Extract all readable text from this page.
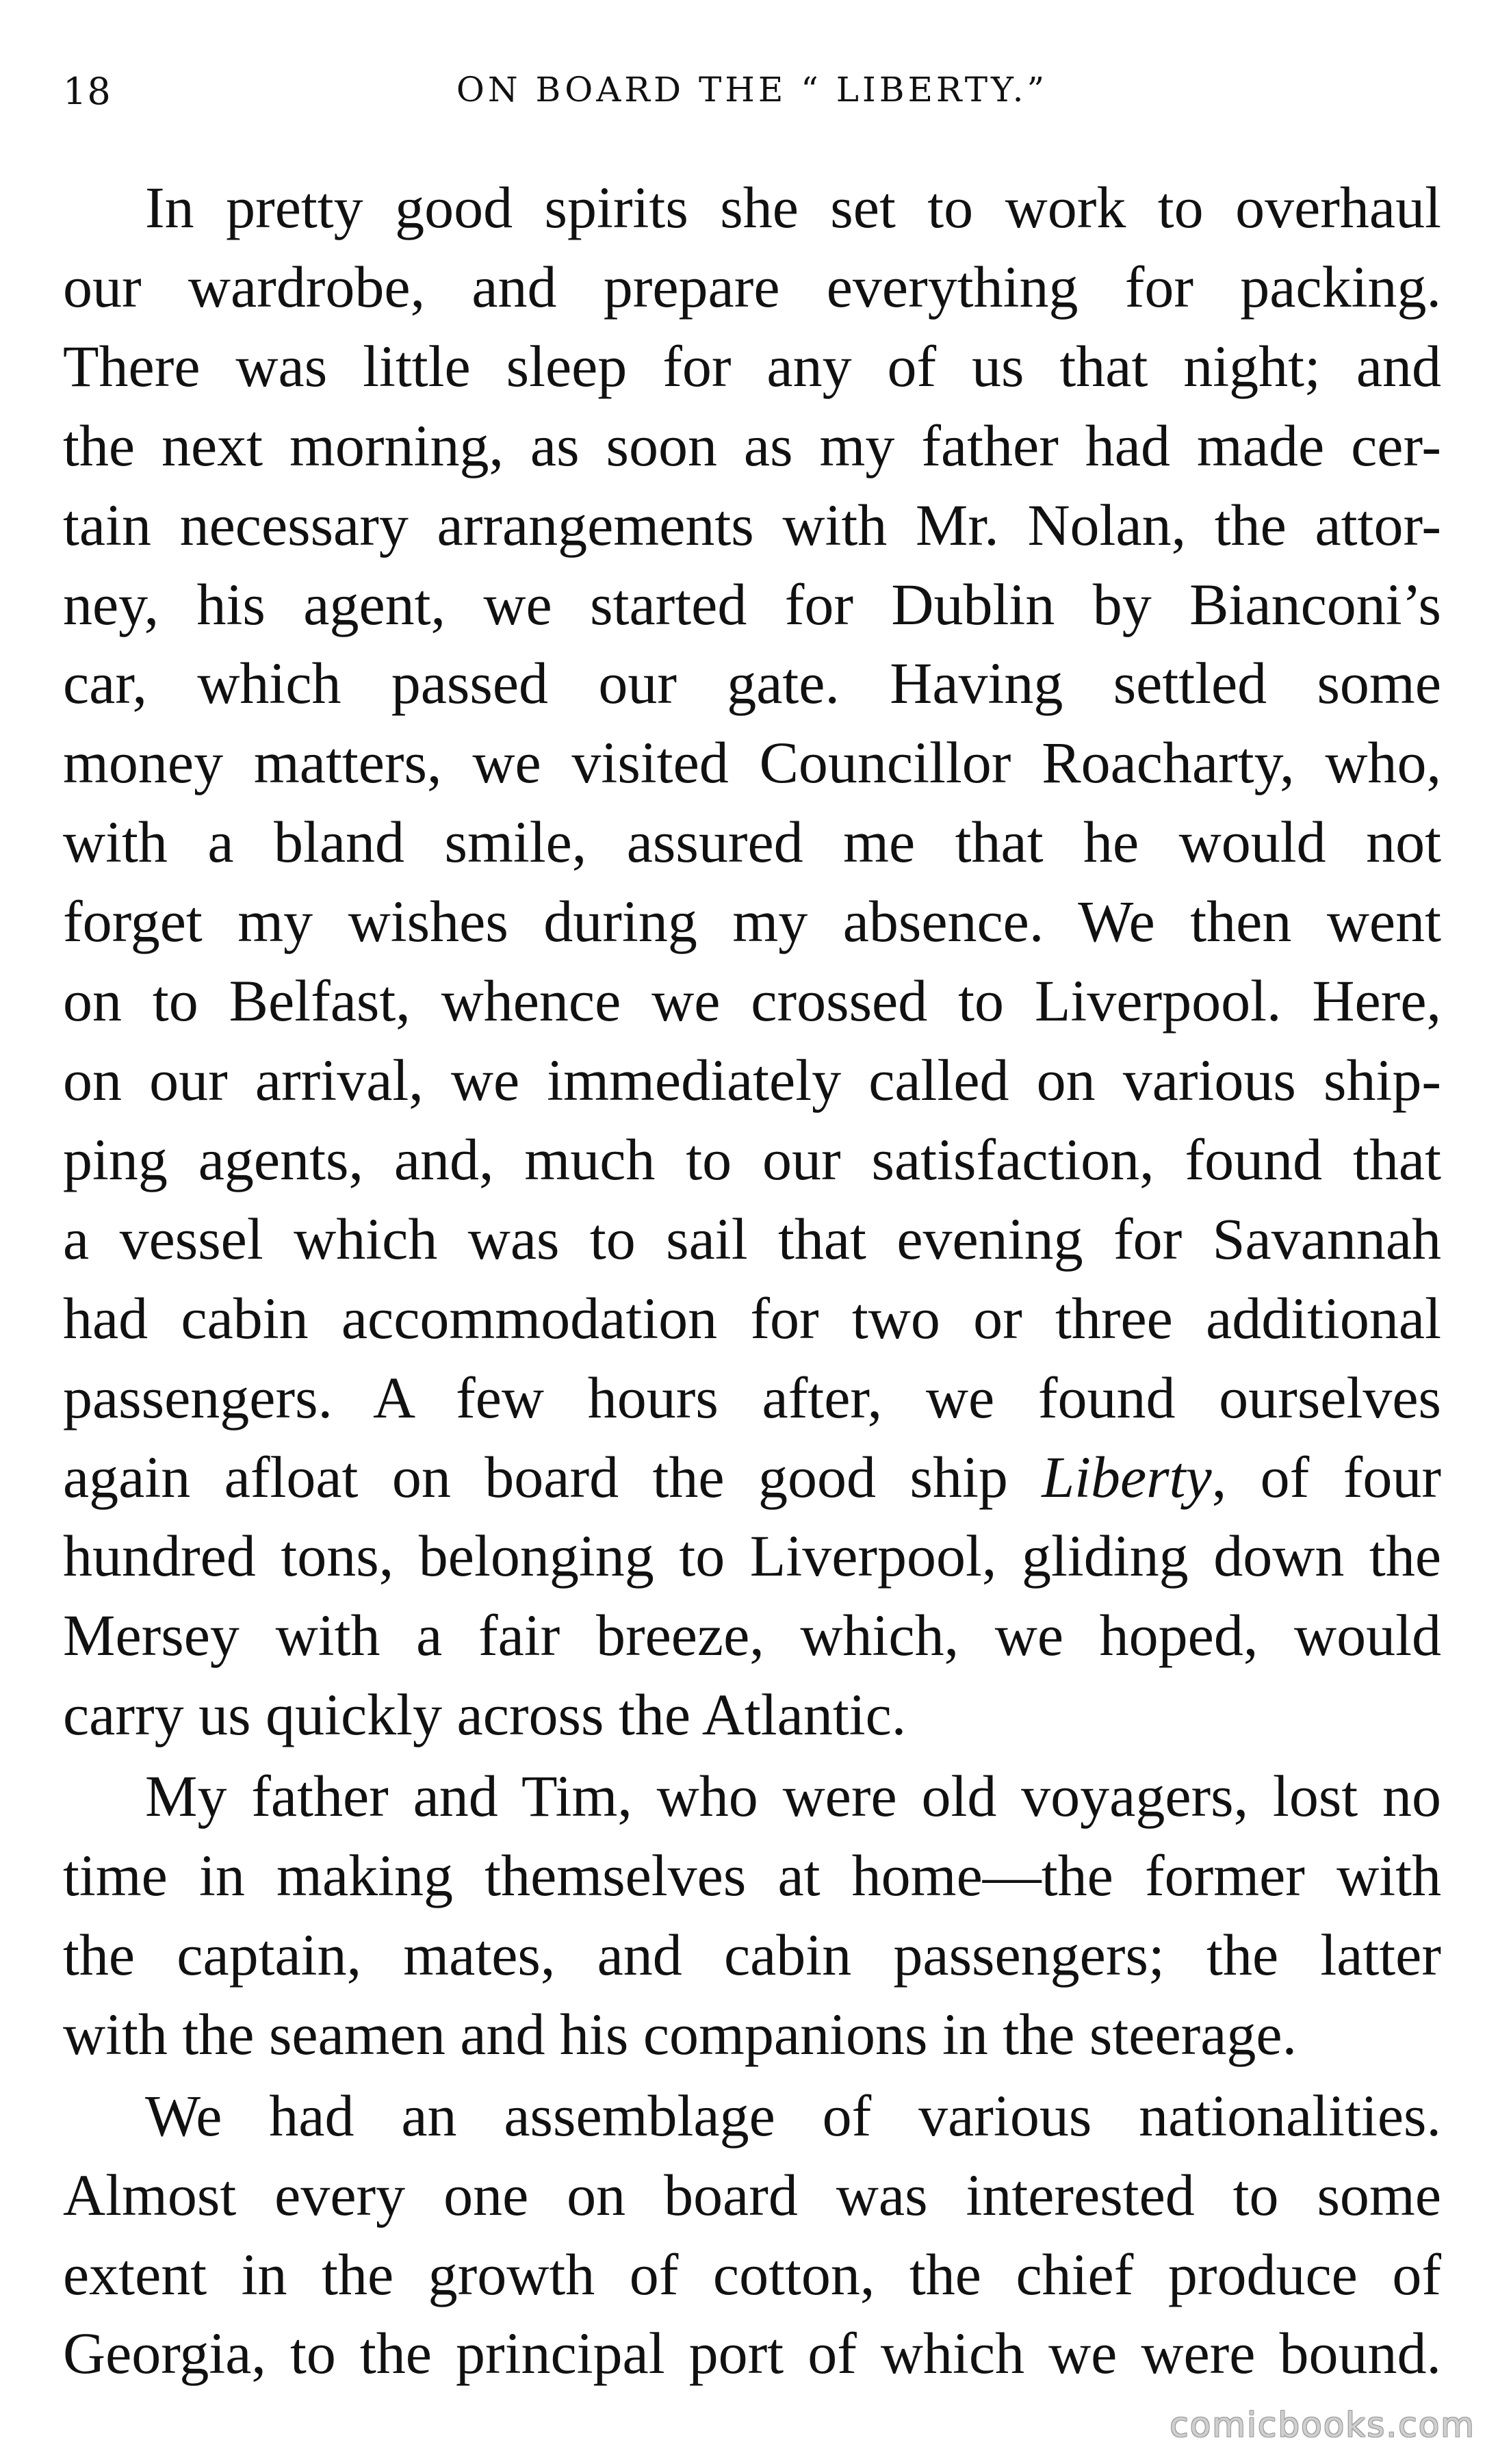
18	ON BOARD THE “ LIBERTY.”

In pretty good spirits she set to work to overhaul
our wardrobe, and prepare everything for packing.
There was little sleep for any of us that night; and
the next morning, as soon as my father had made cer-
tain necessary arrangements with Mr. Nolan, the attor-
ney, his agent, we started for Dublin by Bianconi’s
car, which passed our gate. Having settled some
money matters, we visited Councillor Roacharty, who,
with a bland smile, assured me that he would not
forget my wishes during my absence. We then went
on to Belfast, whence we crossed to Liverpool. Here,
on our arrival, we immediately called on various ship-
ping agents, and, much to our satisfaction, found that
a vessel which was to sail that evening for Savannah
had cabin accommodation for two or three additional
passengers. A few hours after, we found ourselves
again afloat on board the good ship Liberty, of four
hundred tons, belonging to Liverpool, gliding down the
Mersey with a fair breeze, which, we hoped, would
carry us quickly across the Atlantic.

My father and Tim, who were old voyagers, lost no
time in making themselves at home—the former with
the captain, mates, and cabin passengers; the latter
with the seamen and his companions in the steerage.

We had an assemblage of various nationalities.
Almost every one on board was interested to some
extent in the growth of cotton, the chief produce of
Georgia, to the principal port of which we were bound.

comicbooks.com
